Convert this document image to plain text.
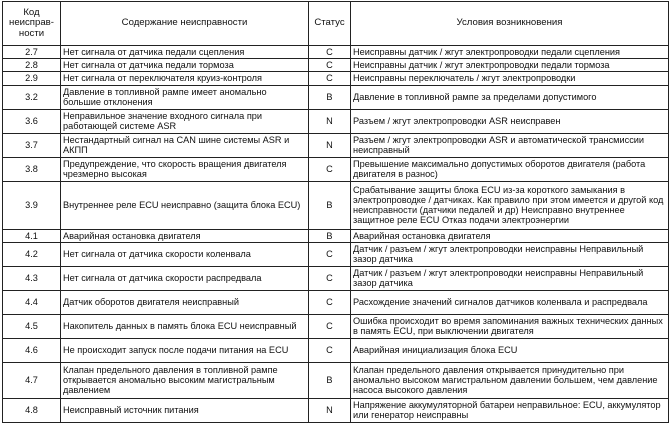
Код неисправ-ности	Содержание неисправности	Статус	Условия возникновения
2.7	Нет сигнала от датчика педали сцепления	C	Неисправны датчик / жгут электропроводки педали сцепления
2.8	Нет сигнала от датчика педали тормоза	C	Неисправны датчик / жгут электропроводки педали тормоза
2.9	Нет сигнала от переключателя круиз-контроля	C	Неисправны переключатель / жгут электропроводки
3.2	Давление в топливной рампе имеет аномально большие отклонения	B	Давление в топливной рампе за пределами допустимого
3.6	Неправильное значение входного сигнала при работающей системе ASR	N	Разъем / жгут электропроводки ASR неисправен
3.7	Нестандартный сигнал на CAN шине системы ASR и АКПП	N	Разъем / жгут электропроводки ASR и автоматической трансмиссии неисправный
3.8	Предупреждение, что скорость вращения двигателя чрезмерно высокая	C	Превышение максимально допустимых оборотов двигателя (работа двигателя в разнос)
3.9	Внутреннее реле ECU неисправно (защита блока ECU)	B	Срабатывание защиты блока ECU из-за короткого замыкания в электропроводке / датчиках. Как правило при этом имеется и другой код неисправности (датчики педалей и др) Неисправно внутреннее защитное реле ECU Отказ подачи электроэнергии
4.1	Аварийная остановка двигателя	B	Аварийная остановка двигателя
4.2	Нет сигнала от датчика скорости коленвала	C	Датчик / разъем / жгут электропроводки неисправны Неправильный зазор датчика
4.3	Нет сигнала от датчика скорости распредвала	C	Датчик / разъем / жгут электропроводки неисправны Неправильный зазор датчика
4.4	Датчик оборотов двигателя неисправный	C	Расхождение значений сигналов датчиков коленвала и распредвала
4.5	Накопитель данных в память блока ECU неисправный	C	Ошибка происходит во время запоминания важных технических данных в память ECU, при выключении двигателя
4.6	Не происходит запуск после подачи питания на ECU	C	Аварийная инициализация блока ECU
4.7	Клапан предельного давления в топливной рампе открывается аномально высоким магистральным давлением	B	Клапан предельного давления открывается принудительно при аномально высоком магистральном давлении большем, чем давление насоса высокого давления
4.8	Неисправный источник питания	N	Напряжение аккумуляторной батареи неправильное: ECU, аккумулятор или генератор неисправны
